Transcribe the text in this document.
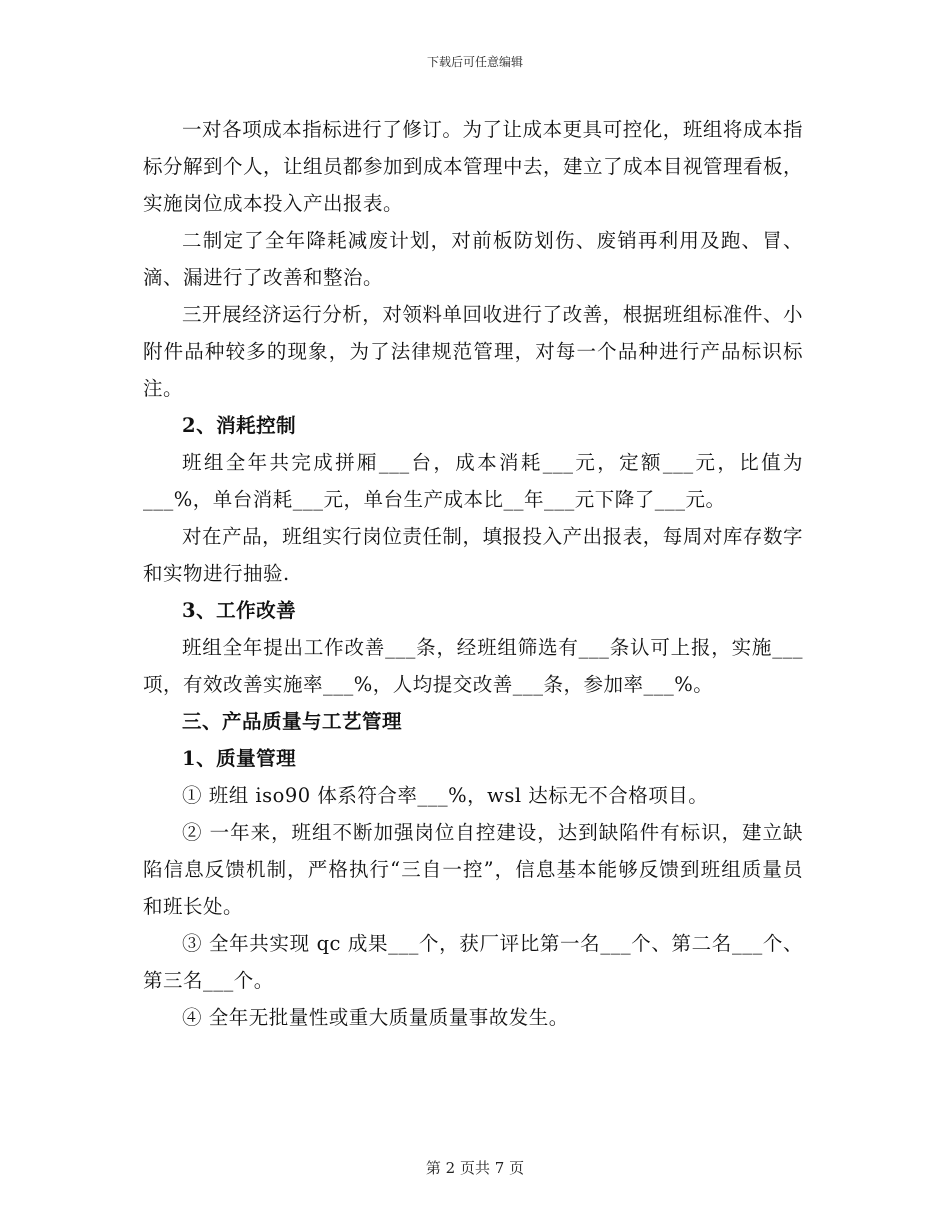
下载后可任意编辑

一对各项成本指标进行了修订。为了让成本更具可控化，班组将成本指标分解到个人，让组员都参加到成本管理中去，建立了成本目视管理看板，实施岗位成本投入产出报表。

二制定了全年降耗减废计划，对前板防划伤、废销再利用及跑、冒、滴、漏进行了改善和整治。

三开展经济运行分析，对领料单回收进行了改善，根据班组标准件、小附件品种较多的现象，为了法律规范管理，对每一个品种进行产品标识标注。

2、消耗控制

班组全年共完成拼厢___台，成本消耗___元，定额___元，比值为___%，单台消耗___元，单台生产成本比__年___元下降了___元。

对在产品，班组实行岗位责任制，填报投入产出报表，每周对库存数字和实物进行抽验.

3、工作改善

班组全年提出工作改善___条，经班组筛选有___条认可上报，实施___项，有效改善实施率___%，人均提交改善___条，参加率___%。

三、产品质量与工艺管理

1、质量管理

① 班组 iso90 体系符合率___%，wsl 达标无不合格项目。

② 一年来，班组不断加强岗位自控建设，达到缺陷件有标识，建立缺陷信息反馈机制，严格执行“三自一控”，信息基本能够反馈到班组质量员和班长处。

③ 全年共实现 qc 成果___个，获厂评比第一名___个、第二名___个、第三名___个。

④ 全年无批量性或重大质量质量事故发生。

第 2 页共 7 页
